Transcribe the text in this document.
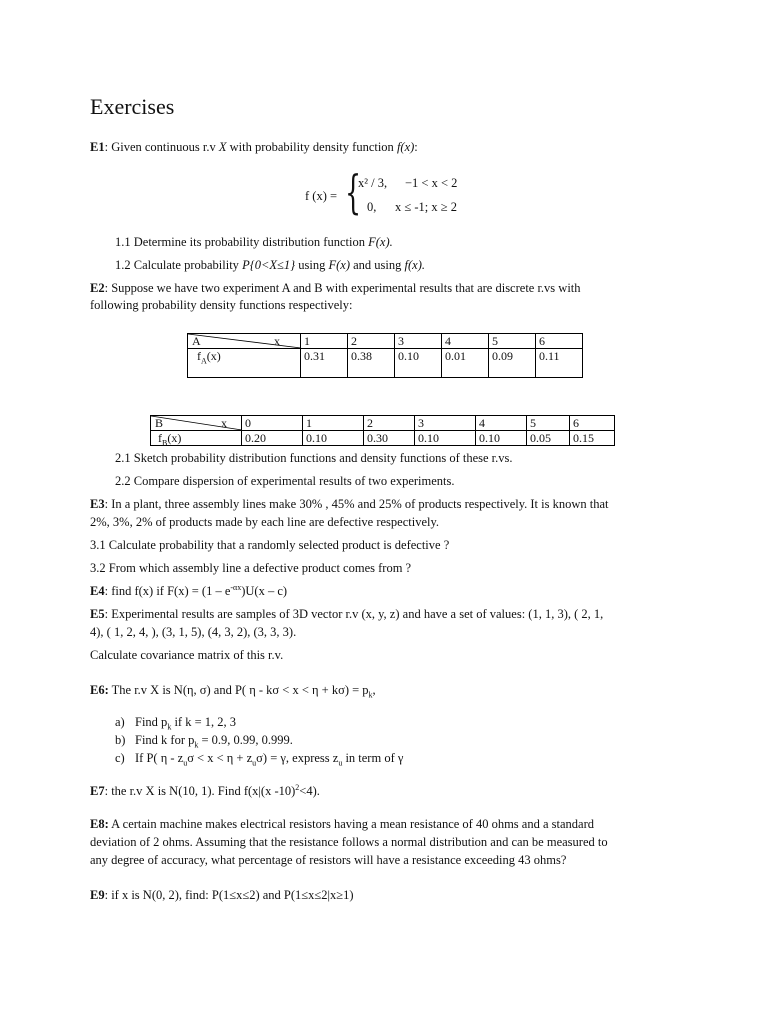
Exercises
E1: Given continuous r.v X with probability density function f(x):
f (x) = {
x² / 3, −1 < x < 2
0, x ≤ -1; x ≥ 2
1.1 Determine its probability distribution function F(x).
1.2 Calculate probability P{0<X≤1} using F(x) and using f(x).
E2: Suppose we have two experiment A and B with experimental results that are discrete r.vs with
following probability density functions respectively:
A x	1	2	3	4	5	6
$f_A(x)$	0.31	0.38	0.10	0.01	0.09	0.11
B x	0	1	2	3	4	5	6
$f_B(x)$	0.20	0.10	0.30	0.10	0.10	0.05	0.15
2.1 Sketch probability distribution functions and density functions of these r.vs.
2.2 Compare dispersion of experimental results of two experiments.
E3: In a plant, three assembly lines make 30% , 45% and 25% of products respectively. It is known that
2%, 3%, 2% of products made by each line are defective respectively.
3.1 Calculate probability that a randomly selected product is defective ?
3.2 From which assembly line a defective product comes from ?
E4: find f(x) if $F(x) = (1 - e^{-\alpha x})U(x - c)$
E5: Experimental results are samples of 3D vector r.v (x, y, z) and have a set of values: (1, 1, 3), ( 2, 1,
4), ( 1, 2, 4, ), (3, 1, 5), (4, 3, 2), (3, 3, 3).
Calculate covariance matrix of this r.v.
E6: The r.v X is N(η, σ) and P( $\eta - k\sigma < x < \eta + k\sigma) = p_k$,
a) Find $p_k$ if k = 1, 2, 3
b) Find k for $p_k = 0.9$, 0.99, 0.999.
c) If P( $\eta - z_u\sigma < x < \eta + z_u\sigma) = \gamma$, express $z_u$ in term of γ
E7: the r.v X is N(10, 1). Find f(x|(x -10)$^2$<4).
E8: A certain machine makes electrical resistors having a mean resistance of 40 ohms and a standard
deviation of 2 ohms. Assuming that the resistance follows a normal distribution and can be measured to
any degree of accuracy, what percentage of resistors will have a resistance exceeding 43 ohms?
E9: if x is N(0, 2), find: P(1≤x≤2) and P(1≤x≤2|x≥1)
